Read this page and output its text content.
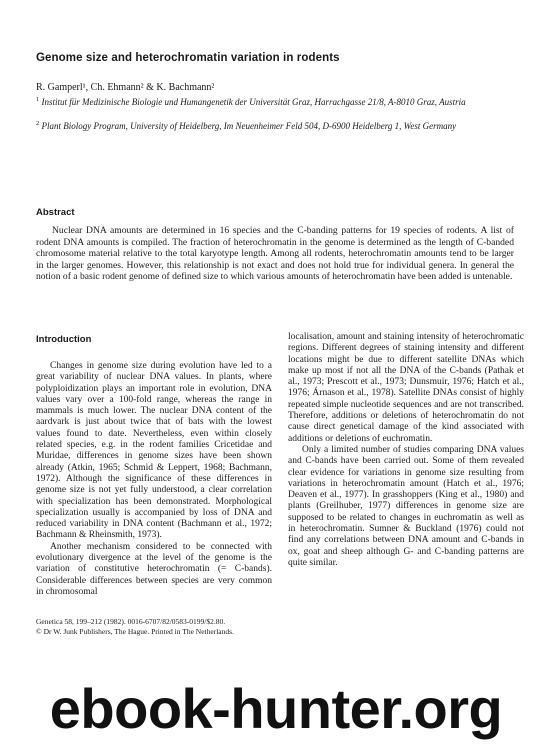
Genome size and heterochromatin variation in rodents
R. Gamperl¹, Ch. Ehmann² & K. Bachmann²
$^1$ Institut für Medizinische Biologie und Humangenetik der Universität Graz, Harrachgasse 21/8, A-8010 Graz, Austria
$^2$ Plant Biology Program, University of Heidelberg, Im Neuenheimer Feld 504, D-6900 Heidelberg 1, West Germany
Abstract
Nuclear DNA amounts are determined in 16 species and the C-banding patterns for 19 species of rodents. A list of rodent DNA amounts is compiled. The fraction of heterochromatin in the genome is determined as the length of C-banded chromosome material relative to the total karyotype length. Among all rodents, heterochromatin amounts tend to be larger in the larger genomes. However, this relationship is not exact and does not hold true for individual genera. In general the notion of a basic rodent genome of defined size to which various amounts of heterochromatin have been added is untenable.
Introduction

Changes in genome size during evolution have led to a great variability of nuclear DNA values. In plants, where polyploidization plays an important role in evolution, DNA values vary over a 100-fold range, whereas the range in mammals is much lower. The nuclear DNA content of the aardvark is just about twice that of bats with the lowest values found to date. Nevertheless, even within closely related species, e.g. in the rodent families Cricetidae and Muridae, differences in genome sizes have been shown already (Atkin, 1965; Schmid & Leppert, 1968; Bachmann, 1972). Although the significance of these differences in genome size is not yet fully understood, a clear correlation with specialization has been demonstrated. Morphological specialization usually is accompanied by loss of DNA and reduced variability in DNA content (Bachmann et al., 1972; Bachmann & Rheinsmith, 1973).

Another mechanism considered to be connected with evolutionary divergence at the level of the genome is the variation of constitutive heterochromatin (= C-bands). Considerable differences between species are very common in chromosomal

localisation, amount and staining intensity of heterochromatic regions. Different degrees of staining intensity and different locations might be due to different satellite DNAs which make up most if not all the DNA of the C-bands (Pathak et al., 1973; Prescott et al., 1973; Dunsmuir, 1976; Hatch et al., 1976; Árnason et al., 1978). Satellite DNAs consist of highly repeated simple nucleotide sequences and are not transcribed. Therefore, additions or deletions of heterochromatin do not cause direct genetical damage of the kind associated with additions or deletions of euchromatin.

Only a limited number of studies comparing DNA values and C-bands have been carried out. Some of them revealed clear evidence for variations in genome size resulting from variations in heterochromatin amount (Hatch et al., 1976; Deaven et al., 1977). In grasshoppers (King et al., 1980) and plants (Greilhuber, 1977) differences in genome size are supposed to be related to changes in euchromatin as well as in heterochromatin. Sumner & Buckland (1976) could not find any correlations between DNA amount and C-bands in ox, goat and sheep although G- and C-banding patterns are quite similar.

Genetica 58, 199–212 (1982). 0016-6707/82/0583-0199/$2.80.
© Dr W. Junk Publishers, The Hague. Printed in The Netherlands.
ebook-hunter.org
